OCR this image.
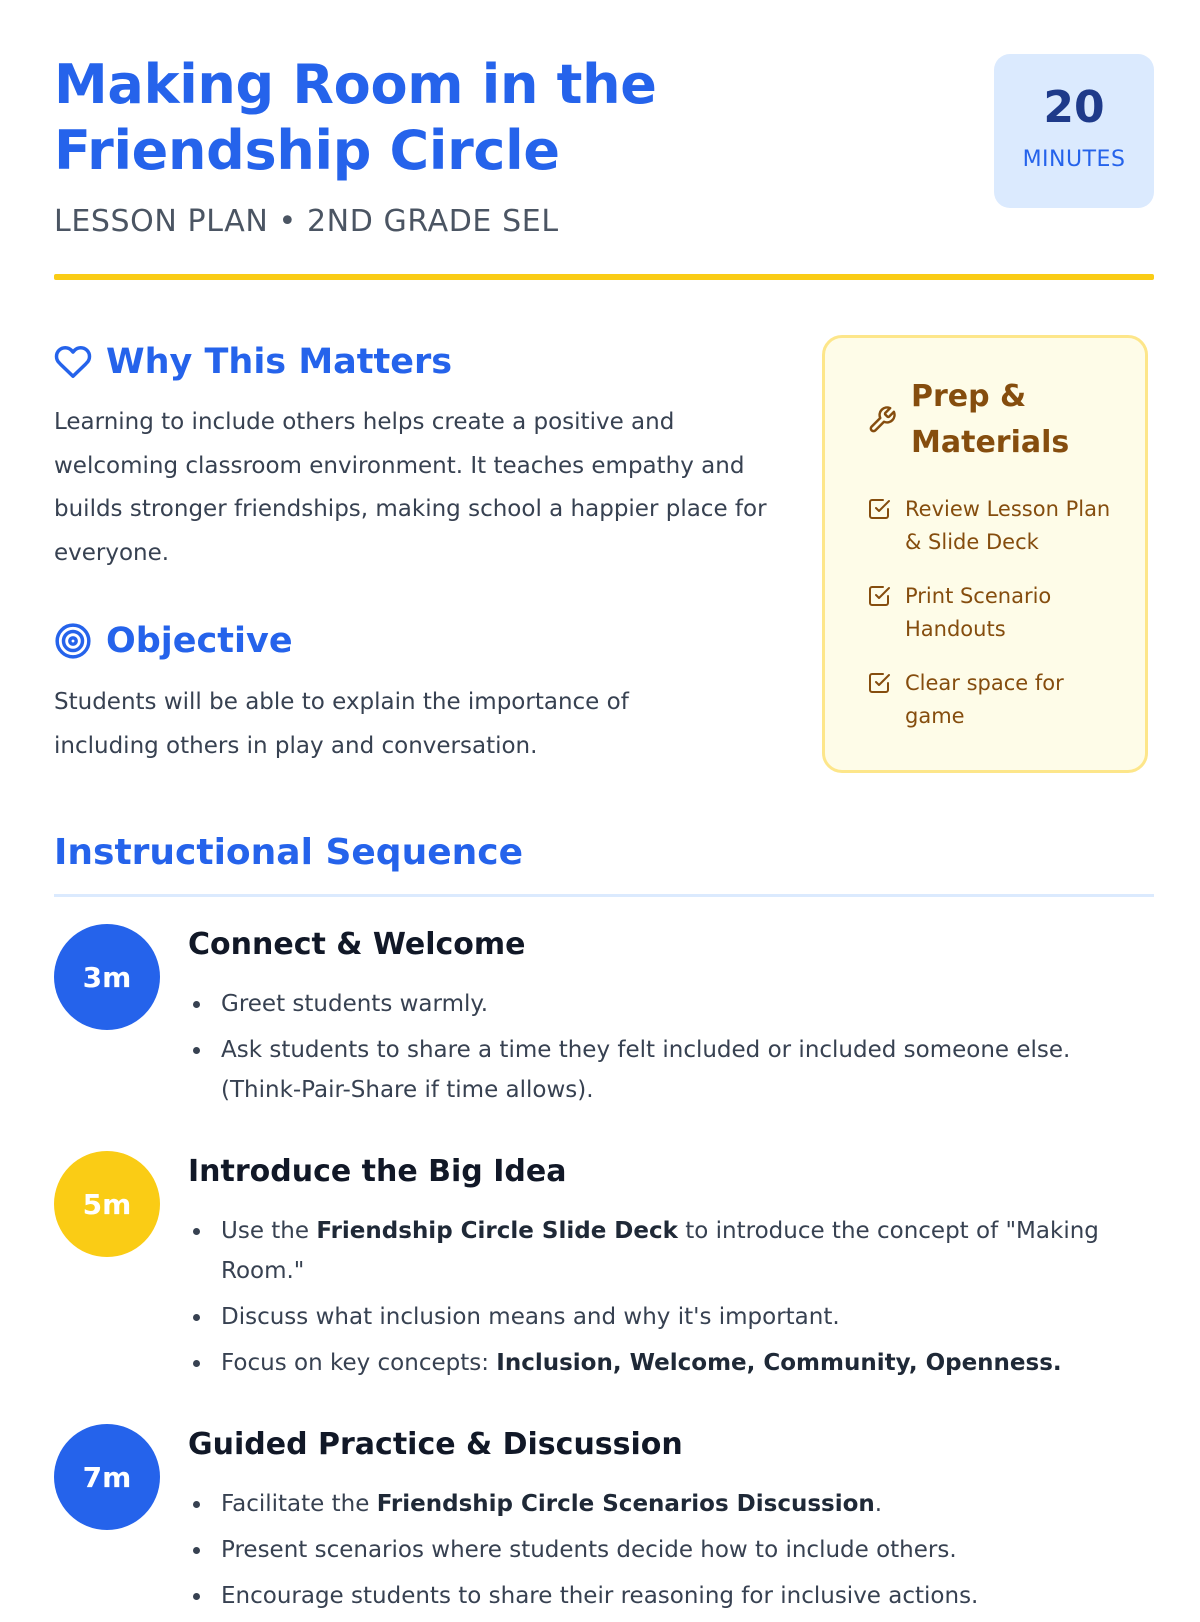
Making Room in the Friendship Circle
LESSON PLAN • 2ND GRADE SEL
20
MINUTES
Why This Matters

Learning to include others helps create a positive and welcoming classroom environment. It teaches empathy and builds stronger friendships, making school a happier place for everyone.

Objective

Students will be able to explain the importance of including others in play and conversation.

Prep & Materials
Review Lesson Plan & Slide Deck
Print Scenario Handouts
Clear space for game
Instructional Sequence
3m
Connect & Welcome
Greet students warmly.
Ask students to share a time they felt included or included someone else. (Think-Pair-Share if time allows).
5m
Introduce the Big Idea
Use the Friendship Circle Slide Deck to introduce the concept of "Making Room."
Discuss what inclusion means and why it's important.
Focus on key concepts: Inclusion, Welcome, Community, Openness.
7m
Guided Practice & Discussion
Facilitate the Friendship Circle Scenarios Discussion.
Present scenarios where students decide how to include others.
Encourage students to share their reasoning for inclusive actions.
